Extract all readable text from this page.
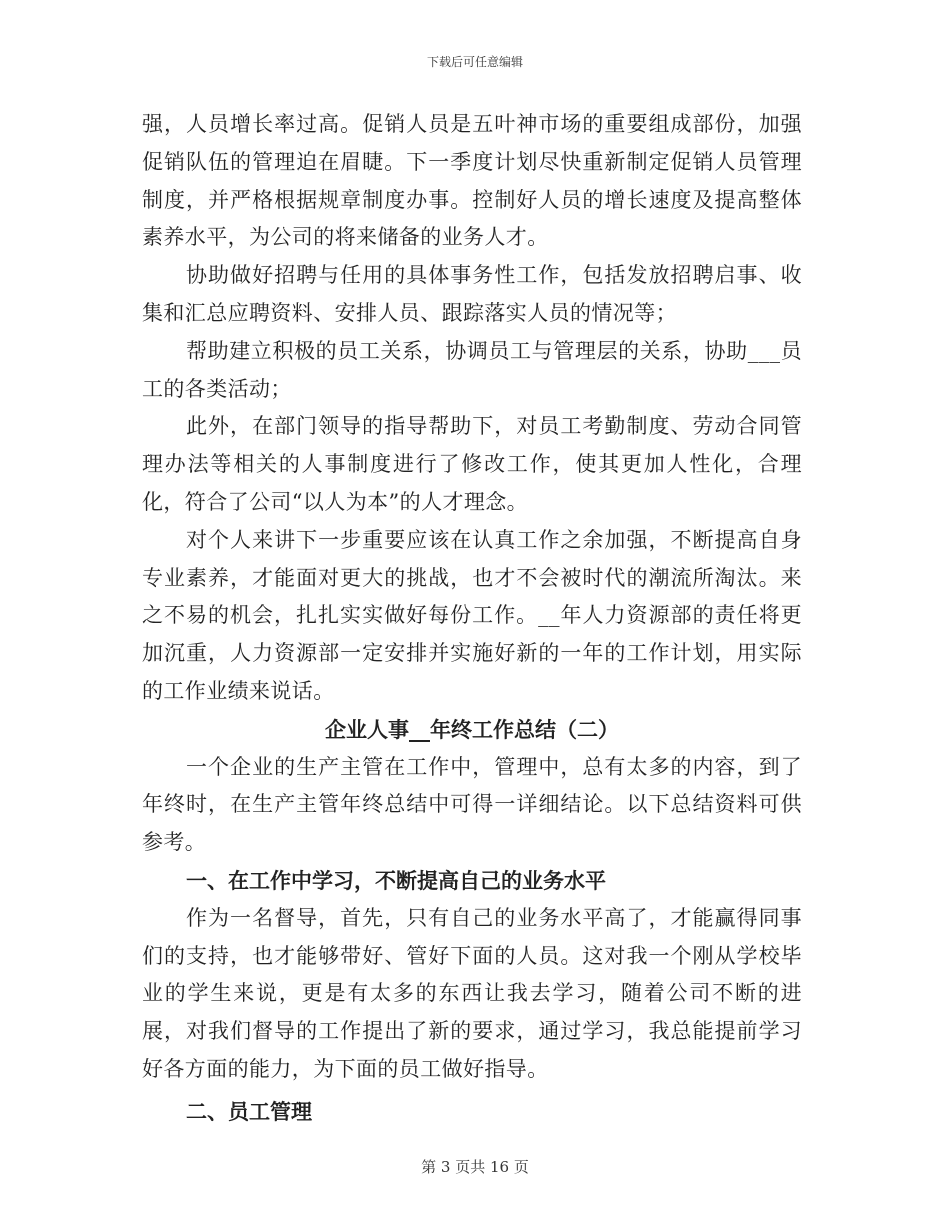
下载后可任意编辑

强，人员增长率过高。促销人员是五叶神市场的重要组成部份，加强促销队伍的管理迫在眉睫。下一季度计划尽快重新制定促销人员管理制度，并严格根据规章制度办事。控制好人员的增长速度及提高整体素养水平，为公司的将来储备的业务人才。

协助做好招聘与任用的具体事务性工作，包括发放招聘启事、收集和汇总应聘资料、安排人员、跟踪落实人员的情况等；

帮助建立积极的员工关系，协调员工与管理层的关系，协助___员工的各类活动；

此外，在部门领导的指导帮助下，对员工考勤制度、劳动合同管理办法等相关的人事制度进行了修改工作，使其更加人性化，合理化，符合了公司“以人为本”的人才理念。

对个人来讲下一步重要应该在认真工作之余加强，不断提高自身专业素养，才能面对更大的挑战，也才不会被时代的潮流所淘汰。来之不易的机会，扎扎实实做好每份工作。__年人力资源部的责任将更加沉重，人力资源部一定安排并实施好新的一年的工作计划，用实际的工作业绩来说话。

企业人事__年终工作总结（二）

一个企业的生产主管在工作中，管理中，总有太多的内容，到了年终时，在生产主管年终总结中可得一详细结论。以下总结资料可供参考。

一、在工作中学习，不断提高自己的业务水平

作为一名督导，首先，只有自己的业务水平高了，才能赢得同事们的支持，也才能够带好、管好下面的人员。这对我一个刚从学校毕业的学生来说，更是有太多的东西让我去学习，随着公司不断的进展，对我们督导的工作提出了新的要求，通过学习，我总能提前学习好各方面的能力，为下面的员工做好指导。

二、员工管理

第 3 页共 16 页
